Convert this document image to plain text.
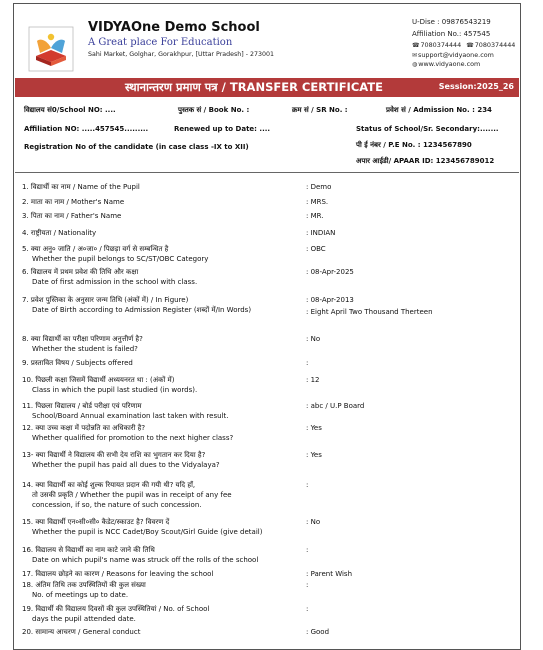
VIDYAOne Demo School
A Great place For Education
Sahi Market, Golghar, Gorakhpur, [Uttar Pradesh] - 273001
U-Dise : 09876543219
Affiliation No.: 457545
☎7080374444 ☎7080374444
✉support@vidyaone.com
◍www.vidyaone.com
स्थानान्तरण प्रमाण पत्र / TRANSFER CERTIFICATE	Session:2025_26
विद्यालय सं0/School NO: ....	पुस्तक सं / Book No. :	क्रम सं / SR No. :	प्रवेश सं / Admission No. : 234
Affiliation NO: .....457545.........	Renewed up to Date: ....	Status of School/Sr. Secondary:.......
Registration No of the candidate (in case class -IX to XII)	पी ई नंबर / P.E No. : 1234567890
अपार आईडी/ APAAR ID: 123456789012
1. विद्यार्थी का नाम / Name of the Pupil	: Demo
2. माता का नाम / Mother's Name	: MRS.
3. पिता का नाम / Father's Name	: MR.
4. राष्ट्रीयता / Nationality	: INDIAN
5. क्या अनु० जाति / अ०जा० / पिछड़ा वर्ग से सम्बन्धित है
Whether the pupil belongs to SC/ST/OBC Category
: OBC
6. विद्यालय में प्रथम प्रवेश की तिथि और कक्षा
Date of first admission in the school with class.
: 08-Apr-2025
7. प्रवेश पुस्तिका के अनुसार जन्म तिथि (अंकों में) / In Figure)
Date of Birth according to Admission Register (शब्दों में/In Words)
: 08-Apr-2013
: Eight April Two Thousand Therteen
8. क्या विद्यार्थी का परीक्षा परिणाम अनुत्तीर्ण है?
Whether the student is failed?
: No
9. प्रस्तावित विषय / Subjects offered	:
10. पिछली कक्षा जिसमें विद्यार्थी अध्ययनरत था : (अंकों में)
Class in which the pupil last studied (in words).
: 12
11. पिछला विद्यालय / बोर्ड परीक्षा एवं परिणाम
School/Board Annual examination last taken with result.
: abc / U.P Board
12. क्या उच्च कक्षा में पदोन्नति का अधिकारी है?
Whether qualified for promotion to the next higher class?
: Yes
13- क्या विद्यार्थी ने विद्यालय की सभी देय राशि का भुगतान कर दिया है?
Whether the pupil has paid all dues to the Vidyalaya?
: Yes
14. क्या विद्यार्थी का कोई शुल्क रियायत प्रदान की गयी थी? यदि हाँ,
तो उसकी प्रकृति / Whether the pupil was in receipt of any fee
concession, if so, the nature of such concession.
:
15. क्या विद्यार्थी एन०सी०सी० कैडेट/स्काउट है? विवरण दें
Whether the pupil is NCC Cadet/Boy Scout/Girl Guide (give detail)
: No
16. विद्यालय से विद्यार्थी का नाम काटे जाने की तिथि
Date on which pupil's name was struck off the rolls of the school
:
17. विद्यालय छोड़ने का कारण / Reasons for leaving the school	: Parent Wish
18. अंतिम तिथि तक उपस्थितियों की कुल संख्या
No. of meetings up to date.
:
19. विद्यार्थी की विद्यालय दिवसों की कुल उपस्थितियां / No. of School
days the pupil attended date.
:
20. सामान्य आचरण / General conduct	: Good
